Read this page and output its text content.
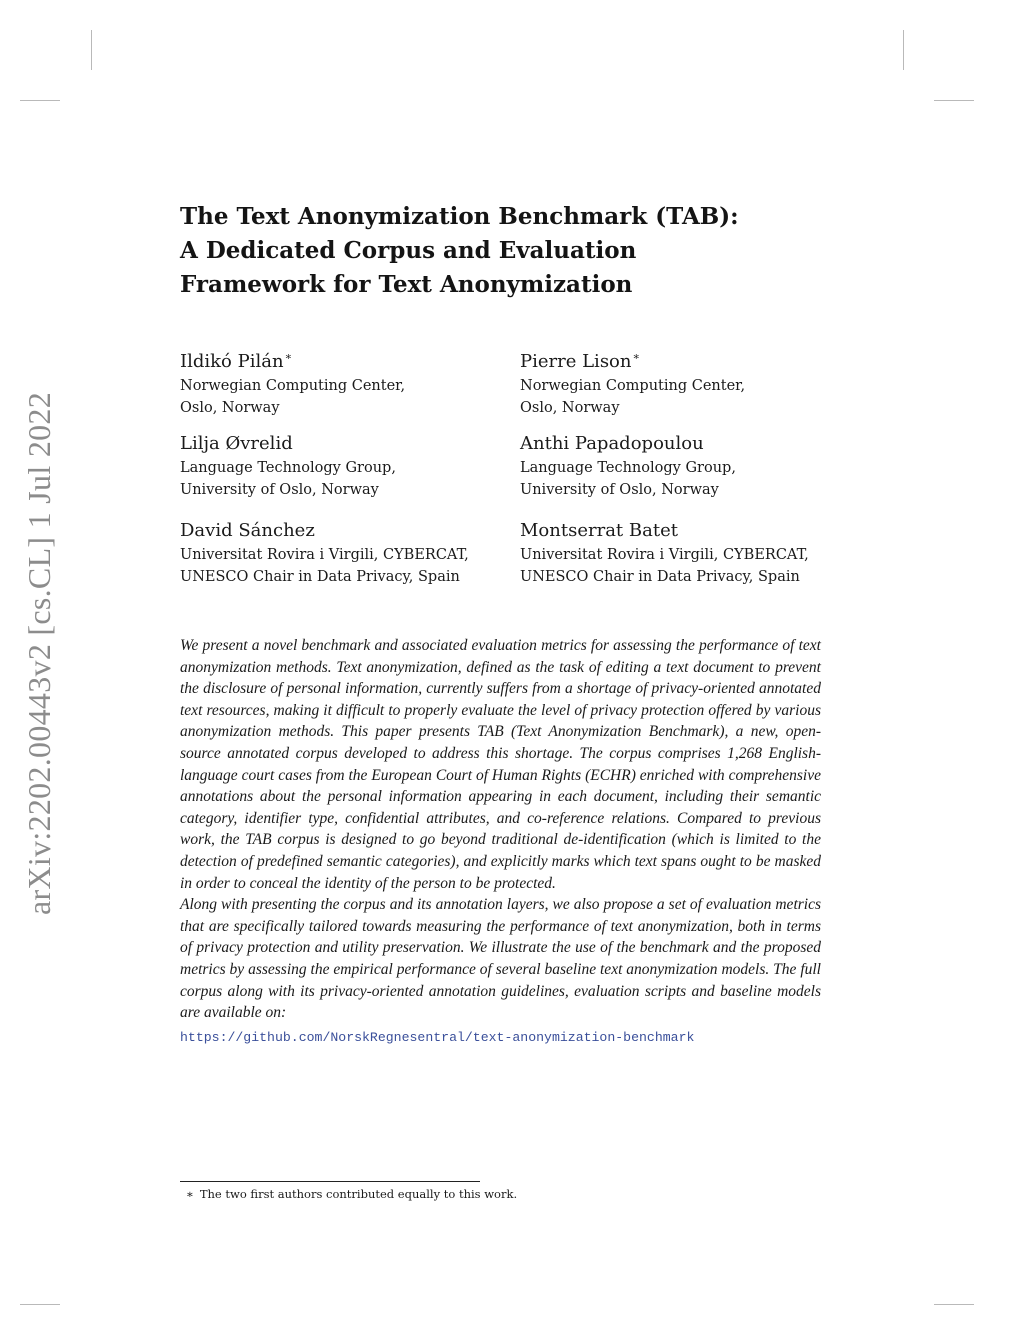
arXiv:2202.00443v2 [cs.CL] 1 Jul 2022
The Text Anonymization Benchmark (TAB):
A Dedicated Corpus and Evaluation
Framework for Text Anonymization
Ildikó Pilán∗
Norwegian Computing Center,
Oslo, Norway
Pierre Lison∗
Norwegian Computing Center,
Oslo, Norway
Lilja Øvrelid
Language Technology Group,
University of Oslo, Norway
Anthi Papadopoulou
Language Technology Group,
University of Oslo, Norway
David Sánchez
Universitat Rovira i Virgili, CYBERCAT,
UNESCO Chair in Data Privacy, Spain
Montserrat Batet
Universitat Rovira i Virgili, CYBERCAT,
UNESCO Chair in Data Privacy, Spain

We present a novel benchmark and associated evaluation metrics for assessing the performance of text anonymization methods. Text anonymization, defined as the task of editing a text document to prevent the disclosure of personal information, currently suffers from a shortage of privacy-oriented annotated text resources, making it difficult to properly evaluate the level of privacy protection offered by various anonymization methods. This paper presents TAB (Text Anonymization Benchmark), a new, open-source annotated corpus developed to address this shortage. The corpus comprises 1,268 English-language court cases from the European Court of Human Rights (ECHR) enriched with comprehensive annotations about the personal information appearing in each document, including their semantic category, identifier type, confidential attributes, and co-reference relations. Compared to previous work, the TAB corpus is designed to go beyond traditional de-identification (which is limited to the detection of predefined semantic categories), and explicitly marks which text spans ought to be masked in order to conceal the identity of the person to be protected.

Along with presenting the corpus and its annotation layers, we also propose a set of evaluation metrics that are specifically tailored towards measuring the performance of text anonymization, both in terms of privacy protection and utility preservation. We illustrate the use of the benchmark and the proposed metrics by assessing the empirical performance of several baseline text anonymization models. The full corpus along with its privacy-oriented annotation guidelines, evaluation scripts and baseline models are available on:

https://github.com/NorskRegnesentral/text-anonymization-benchmark
∗ The two first authors contributed equally to this work.
